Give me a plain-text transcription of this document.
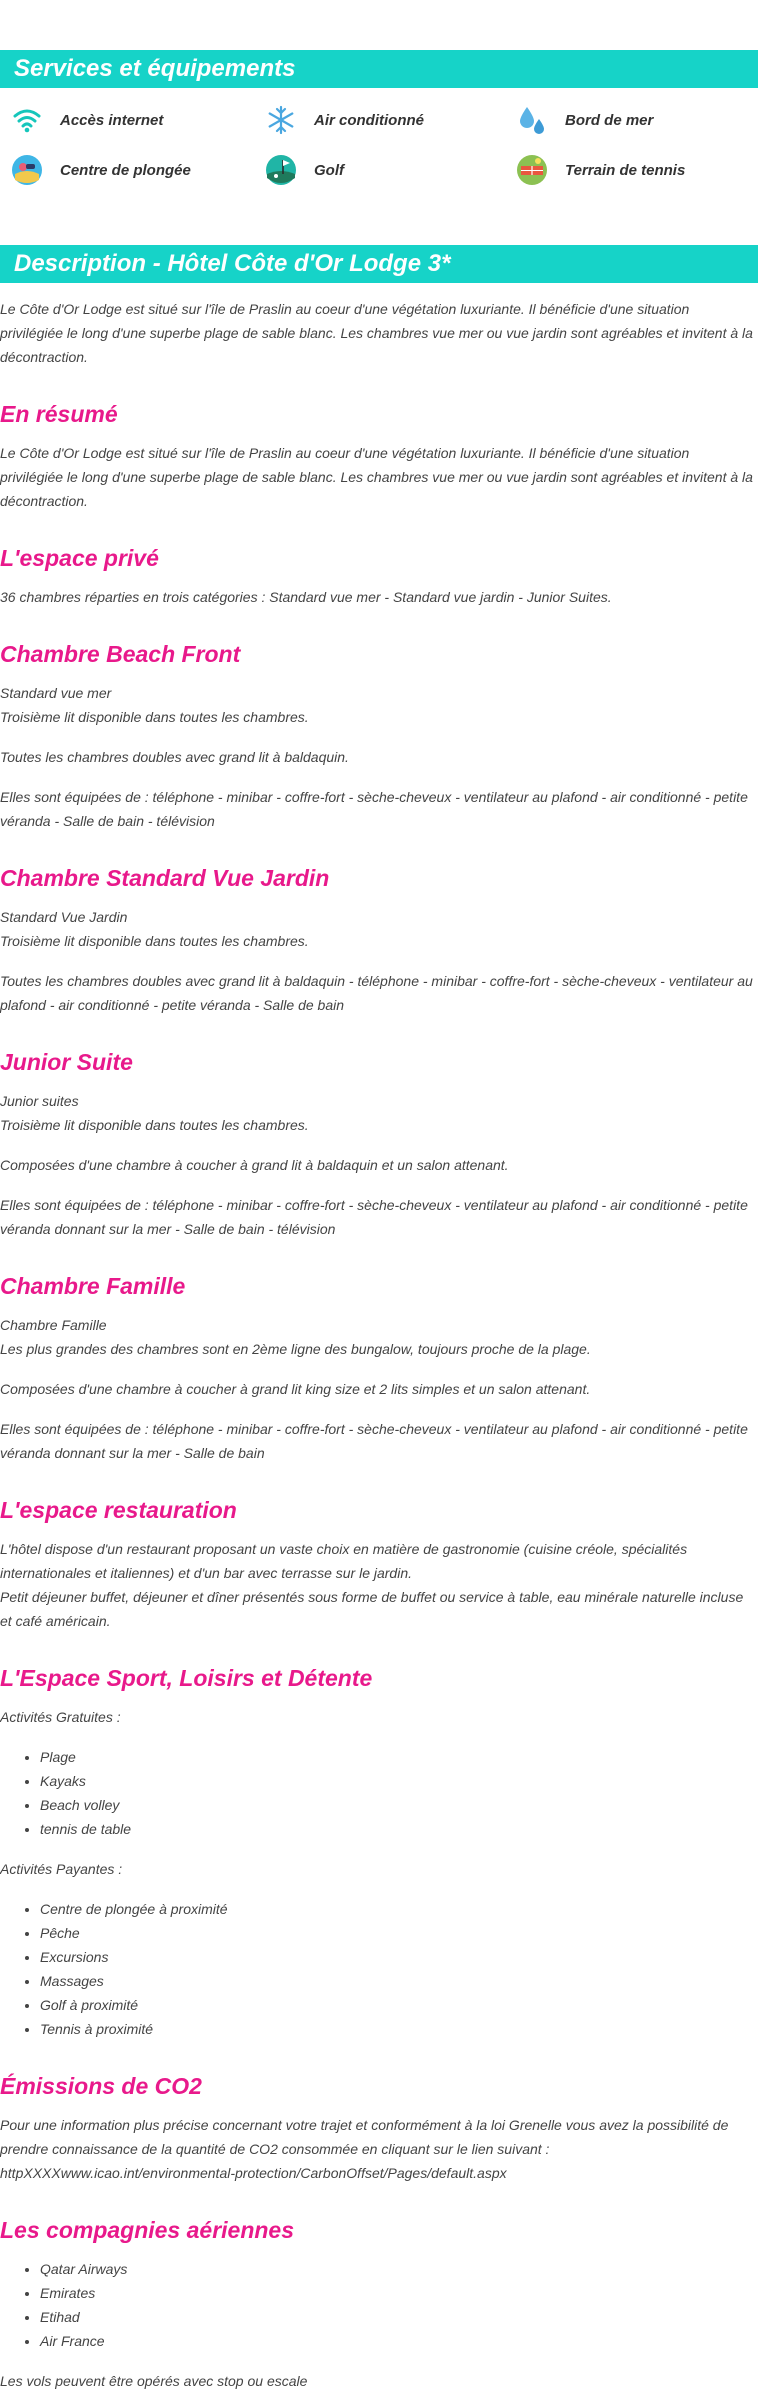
Services et équipements
Accès internet	Air conditionné	Bord de mer
Centre de plongée	Golf	Terrain de tennis
Description - Hôtel Côte d'Or Lodge 3*

Le Côte d'Or Lodge est situé sur l'île de Praslin au coeur d'une végétation luxuriante. Il bénéficie d'une situation privilégiée le long d'une superbe plage de sable blanc. Les chambres vue mer ou vue jardin sont agréables et invitent à la décontraction.

En résumé

Le Côte d'Or Lodge est situé sur l'île de Praslin au coeur d'une végétation luxuriante. Il bénéficie d'une situation privilégiée le long d'une superbe plage de sable blanc. Les chambres vue mer ou vue jardin sont agréables et invitent à la décontraction.

L'espace privé

36 chambres réparties en trois catégories : Standard vue mer - Standard vue jardin - Junior Suites.

Chambre Beach Front

Standard vue mer

Troisième lit disponible dans toutes les chambres.

Toutes les chambres doubles avec grand lit à baldaquin.

Elles sont équipées de : téléphone - minibar - coffre-fort - sèche-cheveux - ventilateur au plafond - air conditionné - petite véranda - Salle de bain - télévision

Chambre Standard Vue Jardin

Standard Vue Jardin

Troisième lit disponible dans toutes les chambres.

Toutes les chambres doubles avec grand lit à baldaquin - téléphone - minibar - coffre-fort - sèche-cheveux - ventilateur au plafond - air conditionné - petite véranda - Salle de bain

Junior Suite

Junior suites

Troisième lit disponible dans toutes les chambres.

Composées d'une chambre à coucher à grand lit à baldaquin et un salon attenant.

Elles sont équipées de : téléphone - minibar - coffre-fort - sèche-cheveux - ventilateur au plafond - air conditionné - petite véranda donnant sur la mer - Salle de bain - télévision

Chambre Famille

Chambre Famille

Les plus grandes des chambres sont en 2ème ligne des bungalow, toujours proche de la plage.

Composées d'une chambre à coucher à grand lit king size et 2 lits simples et un salon attenant.

Elles sont équipées de : téléphone - minibar - coffre-fort - sèche-cheveux - ventilateur au plafond - air conditionné - petite véranda donnant sur la mer - Salle de bain

L'espace restauration

L'hôtel dispose d'un restaurant proposant un vaste choix en matière de gastronomie (cuisine créole, spécialités internationales et italiennes) et d'un bar avec terrasse sur le jardin.

Petit déjeuner buffet, déjeuner et dîner présentés sous forme de buffet ou service à table, eau minérale naturelle incluse et café américain.

L'Espace Sport, Loisirs et Détente

Activités Gratuites :

• Plage
• Kayaks
• Beach volley
• tennis de table

Activités Payantes :

• Centre de plongée à proximité
• Pêche
• Excursions
• Massages
• Golf à proximité
• Tennis à proximité
Émissions de CO2

Pour une information plus précise concernant votre trajet et conformément à la loi Grenelle vous avez la possibilité de prendre connaissance de la quantité de CO2 consommée en cliquant sur le lien suivant : httpXXXXwww.icao.int/environmental-protection/CarbonOffset/Pages/default.aspx

Les compagnies aériennes
• Qatar Airways
• Emirates
• Etihad
• Air France

Les vols peuvent être opérés avec stop ou escale
